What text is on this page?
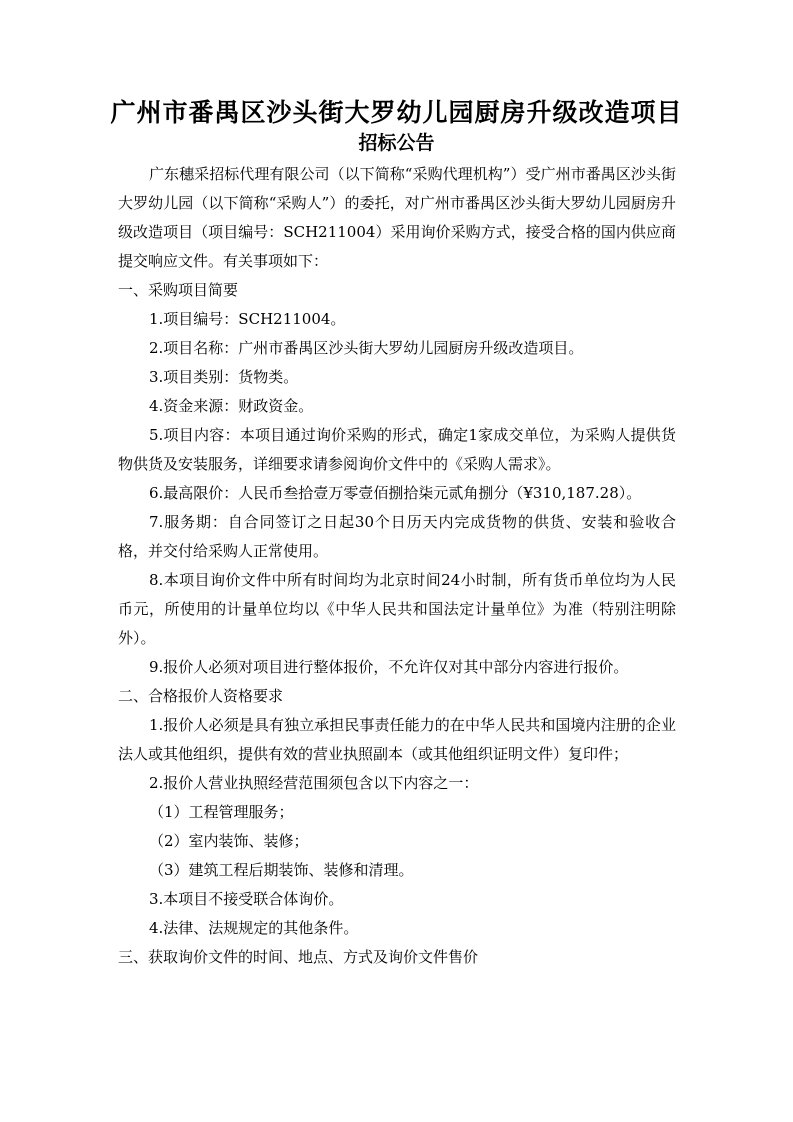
广州市番禺区沙头街大罗幼儿园厨房升级改造项目
招标公告

广东穗采招标代理有限公司（以下简称“采购代理机构”）受广州市番禺区沙头街大罗幼儿园（以下简称“采购人”）的委托，对广州市番禺区沙头街大罗幼儿园厨房升级改造项目（项目编号：SCH211004）采用询价采购方式，接受合格的国内供应商提交响应文件。有关事项如下：

一、采购项目简要

1.项目编号：SCH211004。

2.项目名称：广州市番禺区沙头街大罗幼儿园厨房升级改造项目。

3.项目类别：货物类。

4.资金来源：财政资金。

5.项目内容：本项目通过询价采购的形式，确定1家成交单位，为采购人提供货物供货及安装服务，详细要求请参阅询价文件中的《采购人需求》。

6.最高限价：人民币叁拾壹万零壹佰捌拾柒元贰角捌分（¥310,187.28）。

7.服务期：自合同签订之日起30个日历天内完成货物的供货、安装和验收合格，并交付给采购人正常使用。

8.本项目询价文件中所有时间均为北京时间24小时制，所有货币单位均为人民币元，所使用的计量单位均以《中华人民共和国法定计量单位》为准（特别注明除外）。

9.报价人必须对项目进行整体报价，不允许仅对其中部分内容进行报价。

二、合格报价人资格要求

1.报价人必须是具有独立承担民事责任能力的在中华人民共和国境内注册的企业法人或其他组织，提供有效的营业执照副本（或其他组织证明文件）复印件；

2.报价人营业执照经营范围须包含以下内容之一：

（1）工程管理服务；

（2）室内装饰、装修；

（3）建筑工程后期装饰、装修和清理。

3.本项目不接受联合体询价。

4.法律、法规规定的其他条件。

三、获取询价文件的时间、地点、方式及询价文件售价
